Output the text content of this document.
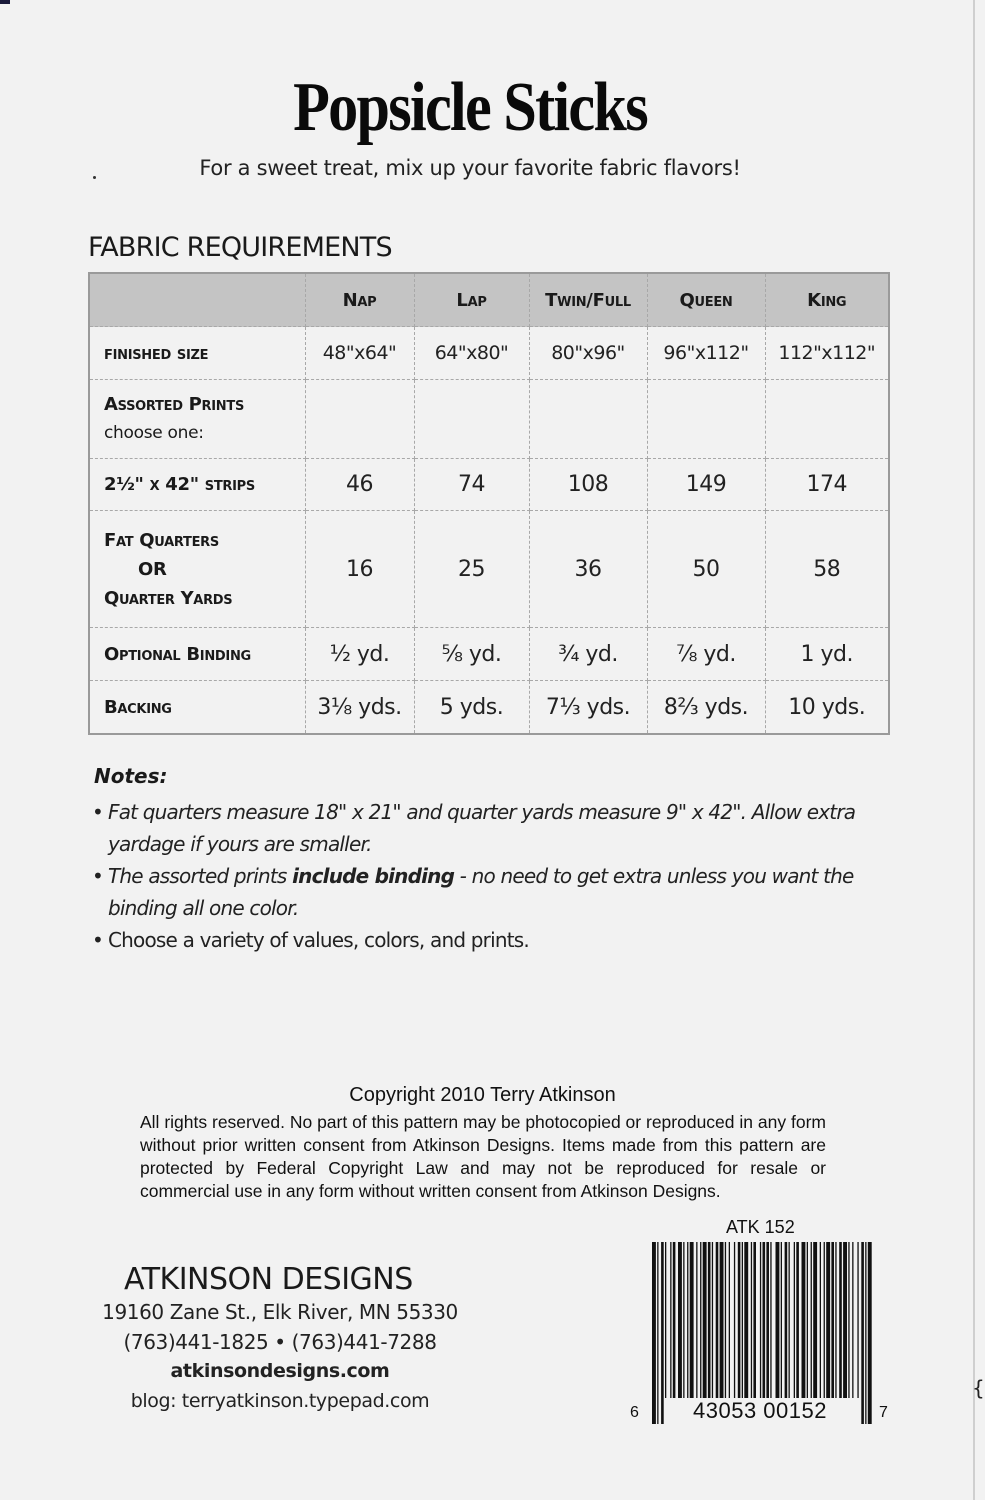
Popsicle Sticks
For a sweet treat, mix up your favorite fabric flavors!
FABRIC REQUIREMENTS
	Nap	Lap	Twin/Full	Queen	King
finished size	48"x64"	64"x80"	80"x96"	96"x112"	112"x112"

Assorted Prints
choose one:					

2½" x 42" strips	46	74	108	149	174

Fat Quarters
OR
Quarter Yards	16	25	36	50	58
Optional Binding	½ yd.	⅝ yd.	¾ yd.	⅞ yd.	1 yd.
Backing	3⅛ yds.	5 yds.	7⅓ yds.	8⅔ yds.	10 yds.
Notes:
• Fat quarters measure 18" x 21" and quarter yards measure 9" x 42". Allow extra yardage if yours are smaller.
• The assorted prints include binding - no need to get extra unless you want the binding all one color.
• Choose a variety of values, colors, and prints.
Copyright 2010 Terry Atkinson

All rights reserved. No part of this pattern may be photocopied or reproduced in any form without prior written consent from Atkinson Designs. Items made from this pattern are protected by Federal Copyright Law and may not be reproduced for resale or commercial use in any form without written consent from Atkinson Designs.

ATK 152
6	43053 00152	7
ATKINSON DESIGNS
19160 Zane St., Elk River, MN 55330
(763)441-1825 • (763)441-7288
atkinsondesigns.com
blog: terryatkinson.typepad.com
{
